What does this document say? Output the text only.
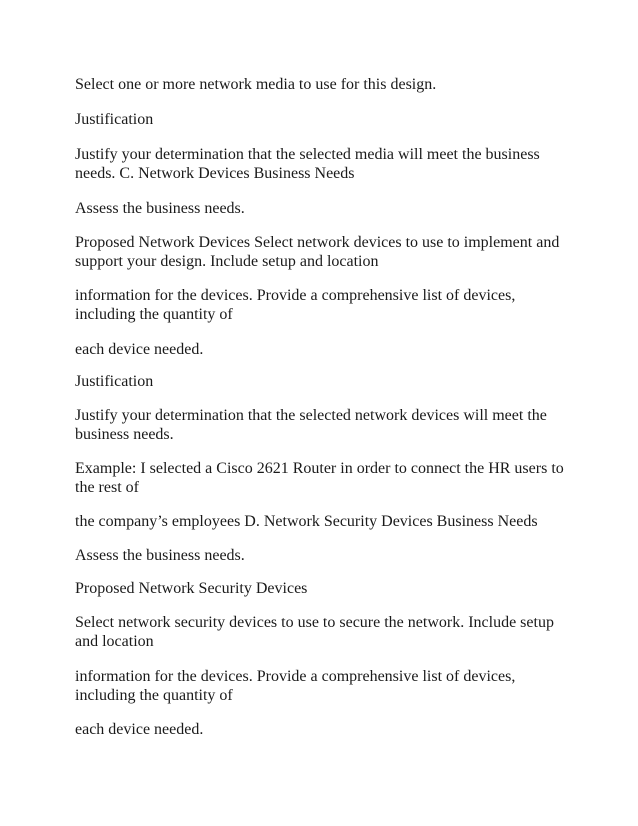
Select one or more network media to use for this design.

Justification

Justify your determination that the selected media will meet the business needs. C. Network Devices Business Needs

Assess the business needs.

Proposed Network Devices Select network devices to use to implement and support your design. Include setup and location

information for the devices. Provide a comprehensive list of devices, including the quantity of

each device needed.

Justification

Justify your determination that the selected network devices will meet the business needs.

Example: I selected a Cisco 2621 Router in order to connect the HR users to the rest of

the company’s employees D. Network Security Devices Business Needs

Assess the business needs.

Proposed Network Security Devices

Select network security devices to use to secure the network. Include setup and location

information for the devices. Provide a comprehensive list of devices, including the quantity of

each device needed.
